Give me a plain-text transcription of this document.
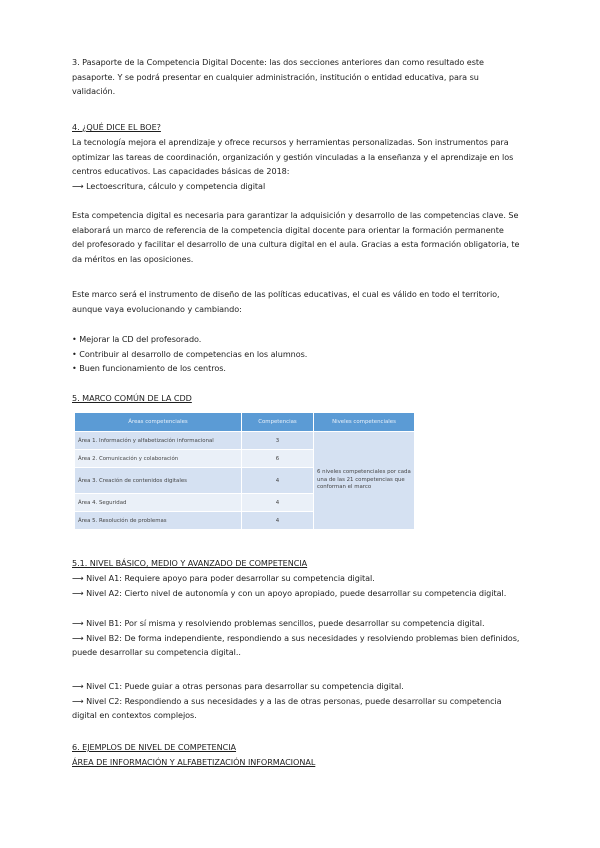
3. Pasaporte de la Competencia Digital Docente: las dos secciones anteriores dan como resultado este

pasaporte. Y se podrá presentar en cualquier administración, institución o entidad educativa, para su

validación.

4. ¿QUÉ DICE EL BOE?

La tecnología mejora el aprendizaje y ofrece recursos y herramientas personalizadas. Son instrumentos para

optimizar las tareas de coordinación, organización y gestión vinculadas a la enseñanza y el aprendizaje en los

centros educativos. Las capacidades básicas de 2018:

⟶ Lectoescritura, cálculo y competencia digital

Esta competencia digital es necesaria para garantizar la adquisición y desarrollo de las competencias clave. Se

elaborará un marco de referencia de la competencia digital docente para orientar la formación permanente

del profesorado y facilitar el desarrollo de una cultura digital en el aula. Gracias a esta formación obligatoria, te

da méritos en las oposiciones.

Este marco será el instrumento de diseño de las políticas educativas, el cual es válido en todo el territorio,

aunque vaya evolucionando y cambiando:

• Mejorar la CD del profesorado.

• Contribuir al desarrollo de competencias en los alumnos.

• Buen funcionamiento de los centros.

5. MARCO COMÚN DE LA CDD

Áreas competenciales	Competencias	Niveles competenciales
Área 1. Información y alfabetización informacional	3	6 niveles competenciales por cada una de las 21 competencias que conforman el marco
Área 2. Comunicación y colaboración	6	
Área 3. Creación de contenidos digitales	4	
Área 4. Seguridad	4	
Área 5. Resolución de problemas	4	

5.1. NIVEL BÁSICO, MEDIO Y AVANZADO DE COMPETENCIA

⟶ Nivel A1: Requiere apoyo para poder desarrollar su competencia digital.

⟶ Nivel A2: Cierto nivel de autonomía y con un apoyo apropiado, puede desarrollar su competencia digital.

⟶ Nivel B1: Por sí misma y resolviendo problemas sencillos, puede desarrollar su competencia digital.

⟶ Nivel B2: De forma independiente, respondiendo a sus necesidades y resolviendo problemas bien definidos,

puede desarrollar su competencia digital..

⟶ Nivel C1: Puede guiar a otras personas para desarrollar su competencia digital.

⟶ Nivel C2: Respondiendo a sus necesidades y a las de otras personas, puede desarrollar su competencia

digital en contextos complejos.

6. EJEMPLOS DE NIVEL DE COMPETENCIA

ÁREA DE INFORMACIÓN Y ALFABETIZACIÓN INFORMACIONAL
